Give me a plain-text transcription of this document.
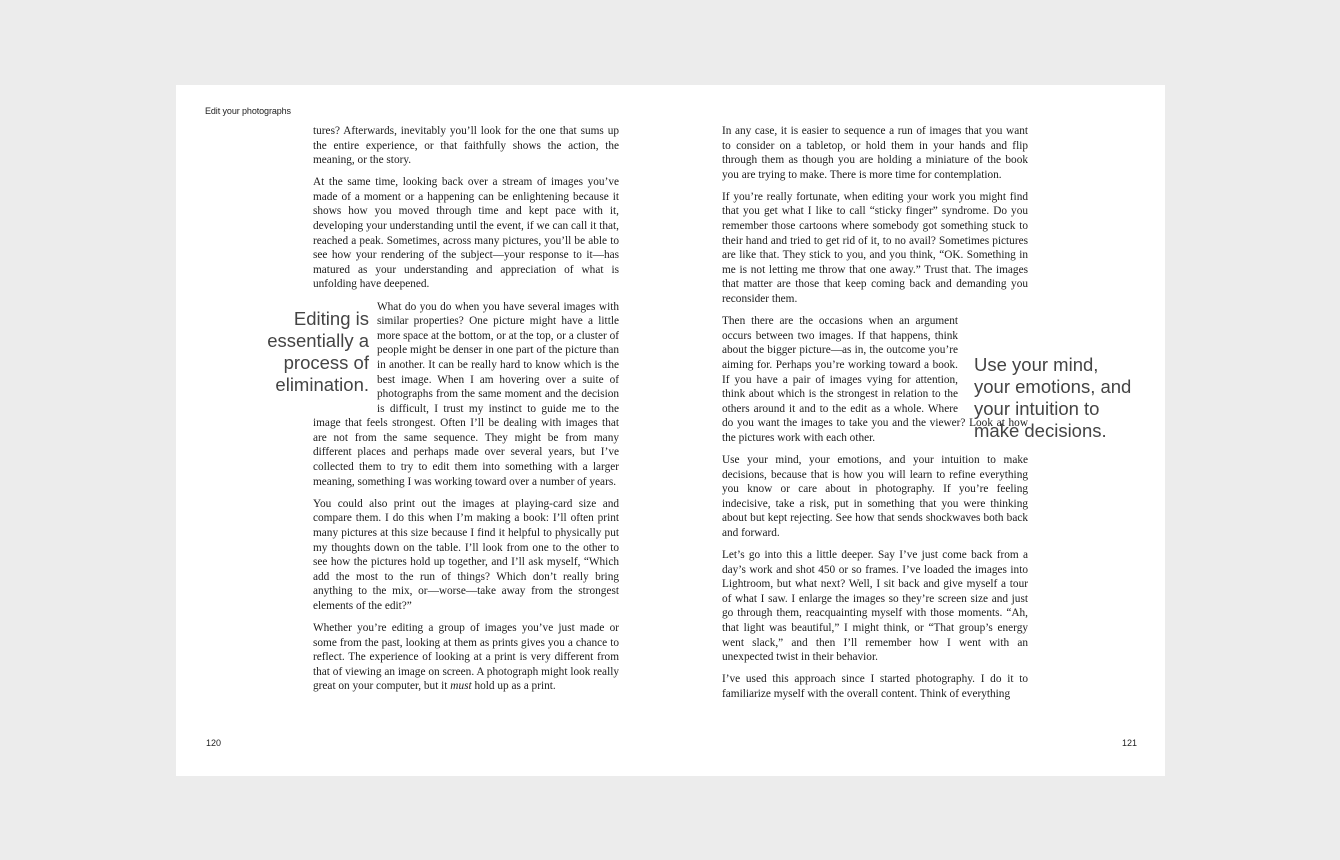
Edit your photographs

tures? Afterwards, inevitably you’ll look for the one that sums up the entire experience, or that faithfully shows the action, the meaning, or the story.

At the same time, looking back over a stream of images you’ve made of a moment or a happening can be enlightening because it shows how you moved through time and kept pace with it, developing your understanding until the event, if we can call it that, reached a peak. Sometimes, across many pictures, you’ll be able to see how your rendering of the subject—your response to it—has matured as your understanding and appreciation of what is unfolding have deepened.

Editing is essentially a process of elimination.

What do you do when you have several images with similar properties? One picture might have a little more space at the bottom, or at the top, or a cluster of people might be denser in one part of the picture than in another. It can be really hard to know which is the best image. When I am hovering over a suite of photographs from the same moment and the decision is difficult, I trust my instinct to guide me to the image that feels strongest. Often I’ll be dealing with images that are not from the same sequence. They might be from many different places and perhaps made over several years, but I’ve collected them to try to edit them into something with a larger meaning, something I was working toward over a number of years.

You could also print out the images at playing-card size and compare them. I do this when I’m making a book: I’ll often print many pictures at this size because I find it helpful to physically put my thoughts down on the table. I’ll look from one to the other to see how the pictures hold up together, and I’ll ask myself, “Which add the most to the run of things? Which don’t really bring anything to the mix, or—worse—take away from the strongest elements of the edit?”

Whether you’re editing a group of images you’ve just made or some from the past, looking at them as prints gives you a chance to reflect. The experience of looking at a print is very different from that of viewing an image on screen. A photograph might look really great on your computer, but it must hold up as a print.

In any case, it is easier to sequence a run of images that you want to consider on a tabletop, or hold them in your hands and flip through them as though you are holding a miniature of the book you are trying to make. There is more time for contemplation.

If you’re really fortunate, when editing your work you might find that you get what I like to call “sticky finger” syndrome. Do you remember those cartoons where somebody got something stuck to their hand and tried to get rid of it, to no avail? Sometimes pictures are like that. They stick to you, and you think, “OK. Something in me is not letting me throw that one away.” Trust that. The images that matter are those that keep coming back and demanding you reconsider them.

Then there are the occasions when an argument occurs between two images. If that happens, think about the bigger picture—as in, the outcome you’re aiming for. Perhaps you’re working toward a book. If you have a pair of images vying for attention, think about which is the strongest in relation to the others around it and to the edit as a whole. Where do you want the images to take you and the viewer? Look at how the pictures work with each other.

Use your mind, your emotions, and your intuition to make decisions, because that is how you will learn to refine everything you know or care about in photography. If you’re feeling indecisive, take a risk, put in something that you were thinking about but kept rejecting. See how that sends shockwaves both back and forward.

Let’s go into this a little deeper. Say I’ve just come back from a day’s work and shot 450 or so frames. I’ve loaded the images into Lightroom, but what next? Well, I sit back and give myself a tour of what I saw. I enlarge the images so they’re screen size and just go through them, reacquainting myself with those moments. “Ah, that light was beautiful,” I might think, or “That group’s energy went slack,” and then I’ll remember how I went with an unexpected twist in their behavior.

I’ve used this approach since I started photography. I do it to familiarize myself with the overall content. Think of everything

Use your mind, your emotions, and your intuition to make decisions.
120	121
